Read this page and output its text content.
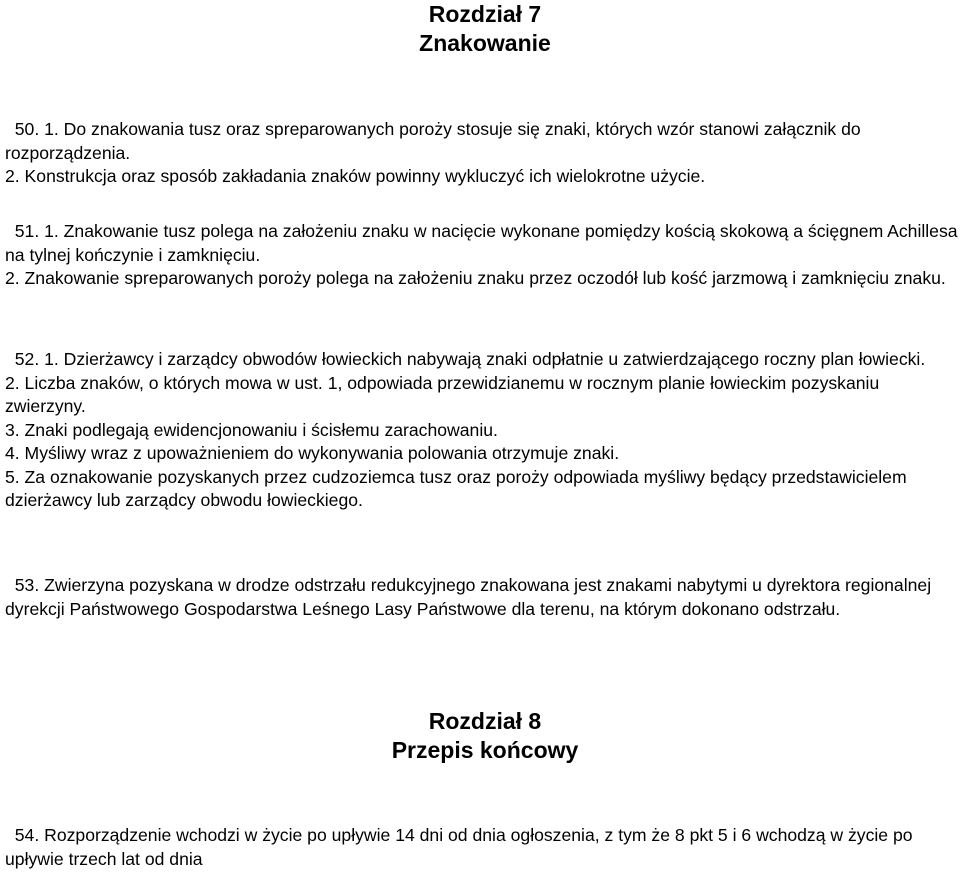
Rozdział 7
Znakowanie

50. 1. Do znakowania tusz oraz spreparowanych poroży stosuje się znaki, których wzór stanowi załącznik do rozporządzenia.

2. Konstrukcja oraz sposób zakładania znaków powinny wykluczyć ich wielokrotne użycie.

51. 1. Znakowanie tusz polega na założeniu znaku w nacięcie wykonane pomiędzy kością skokową a ścięgnem Achillesa na tylnej kończynie i zamknięciu.

2. Znakowanie spreparowanych poroży polega na założeniu znaku przez oczodół lub kość jarzmową i zamknięciu znaku.

52. 1. Dzierżawcy i zarządcy obwodów łowieckich nabywają znaki odpłatnie u zatwierdzającego roczny plan łowiecki.

2. Liczba znaków, o których mowa w ust. 1, odpowiada przewidzianemu w rocznym planie łowieckim pozyskaniu zwierzyny.

3. Znaki podlegają ewidencjonowaniu i ścisłemu zarachowaniu.

4. Myśliwy wraz z upoważnieniem do wykonywania polowania otrzymuje znaki.

5. Za oznakowanie pozyskanych przez cudzoziemca tusz oraz poroży odpowiada myśliwy będący przedstawicielem dzierżawcy lub zarządcy obwodu łowieckiego.

53. Zwierzyna pozyskana w drodze odstrzału redukcyjnego znakowana jest znakami nabytymi u dyrektora regionalnej dyrekcji Państwowego Gospodarstwa Leśnego Lasy Państwowe dla terenu, na którym dokonano odstrzału.

Rozdział 8
Przepis końcowy

54. Rozporządzenie wchodzi w życie po upływie 14 dni od dnia ogłoszenia, z tym że 8 pkt 5 i 6 wchodzą w życie po upływie trzech lat od dnia
